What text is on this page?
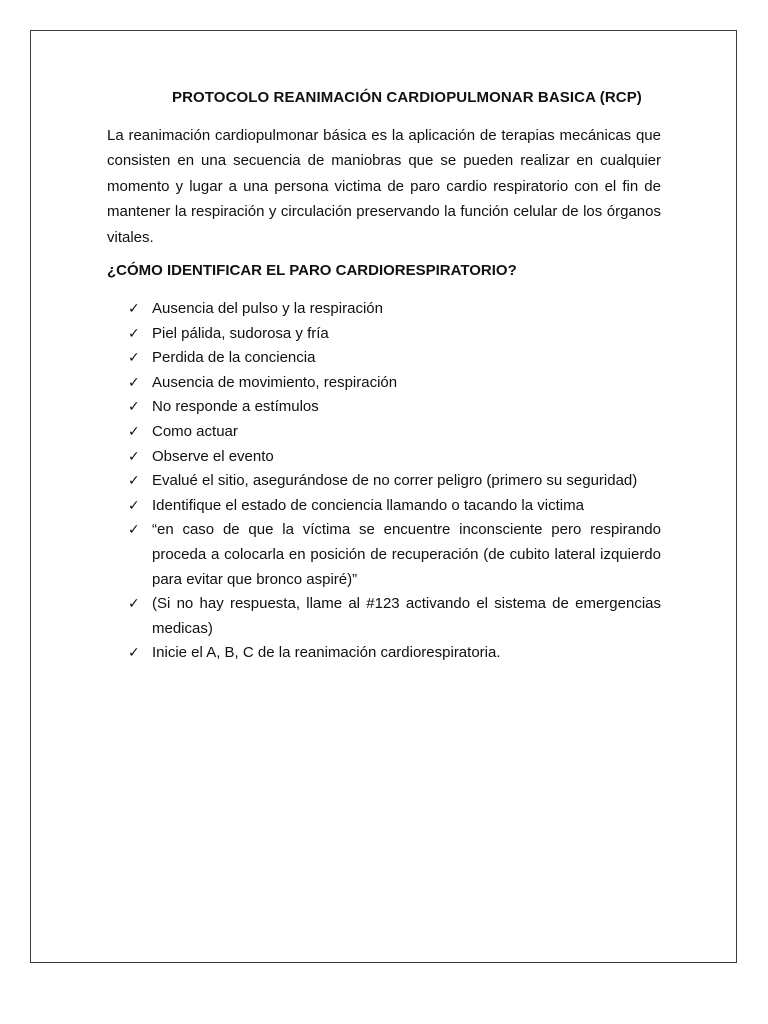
PROTOCOLO REANIMACIÓN CARDIOPULMONAR BASICA (RCP)

La reanimación cardiopulmonar básica es la aplicación de terapias mecánicas que consisten en una secuencia de maniobras que se pueden realizar en cualquier momento y lugar a una persona victima de paro cardio respiratorio con el fin de mantener la respiración y circulación preservando la función celular de los órganos vitales.

¿CÓMO IDENTIFICAR EL PARO CARDIORESPIRATORIO?
✓ Ausencia del pulso y la respiración
✓ Piel pálida, sudorosa y fría
✓ Perdida de la conciencia
✓ Ausencia de movimiento, respiración
✓ No responde a estímulos
✓ Como actuar
✓ Observe el evento
✓ Evalué el sitio, asegurándose de no correr peligro (primero su seguridad)
✓ Identifique el estado de conciencia llamando o tacando la victima
✓ “en caso de que la víctima se encuentre inconsciente pero respirando proceda a colocarla en posición de recuperación (de cubito lateral izquierdo para evitar que bronco aspiré)”
✓ (Si no hay respuesta, llame al #123 activando el sistema de emergencias medicas)
✓ Inicie el A, B, C de la reanimación cardiorespiratoria.
